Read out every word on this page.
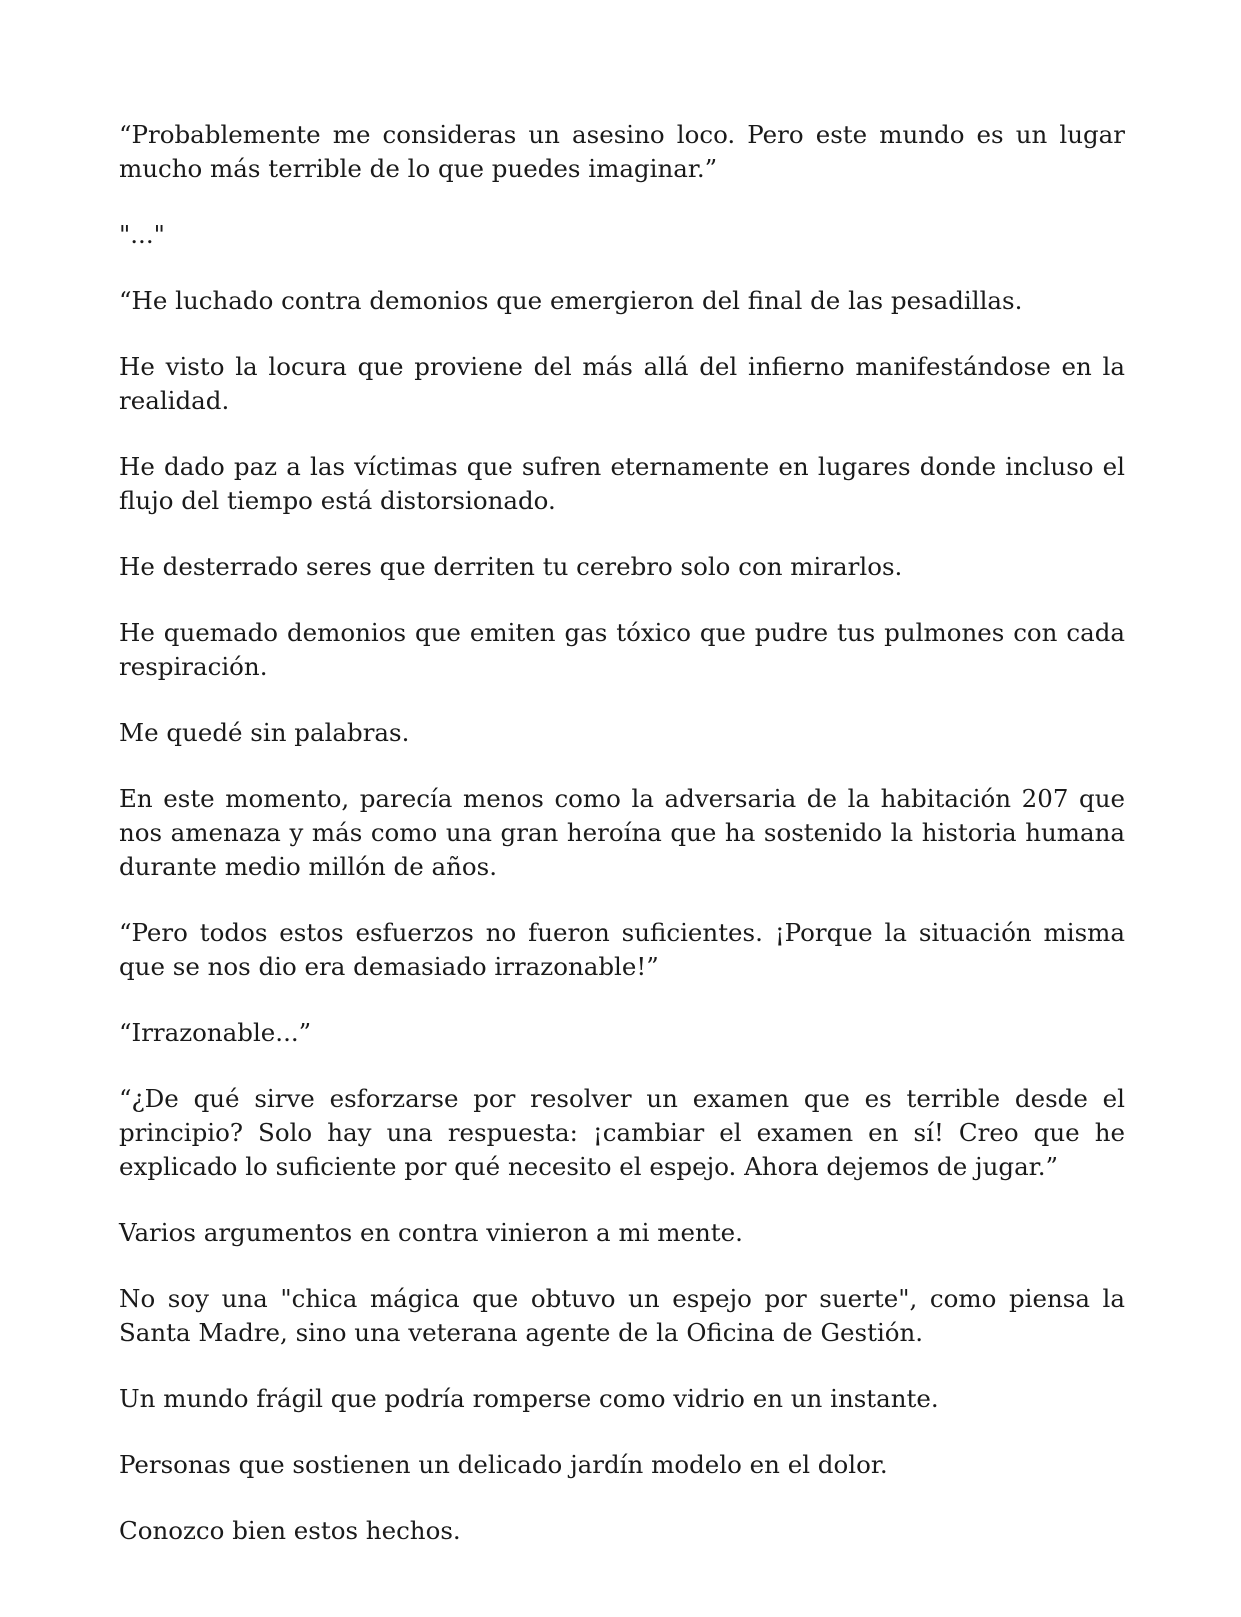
“Probablemente me consideras un asesino loco. Pero este mundo es un lugar mucho más terrible de lo que puedes imaginar.”

"..."

“He luchado contra demonios que emergieron del final de las pesadillas.

He visto la locura que proviene del más allá del infierno manifestándose en la realidad.

He dado paz a las víctimas que sufren eternamente en lugares donde incluso el flujo del tiempo está distorsionado.

He desterrado seres que derriten tu cerebro solo con mirarlos.

He quemado demonios que emiten gas tóxico que pudre tus pulmones con cada respiración.

Me quedé sin palabras.

En este momento, parecía menos como la adversaria de la habitación 207 que nos amenaza y más como una gran heroína que ha sostenido la historia humana durante medio millón de años.

“Pero todos estos esfuerzos no fueron suficientes. ¡Porque la situación misma que se nos dio era demasiado irrazonable!”

“Irrazonable...”

“¿De qué sirve esforzarse por resolver un examen que es terrible desde el principio? Solo hay una respuesta: ¡cambiar el examen en sí! Creo que he explicado lo suficiente por qué necesito el espejo. Ahora dejemos de jugar.”

Varios argumentos en contra vinieron a mi mente.

No soy una "chica mágica que obtuvo un espejo por suerte", como piensa la Santa Madre, sino una veterana agente de la Oficina de Gestión.

Un mundo frágil que podría romperse como vidrio en un instante.

Personas que sostienen un delicado jardín modelo en el dolor.

Conozco bien estos hechos.
